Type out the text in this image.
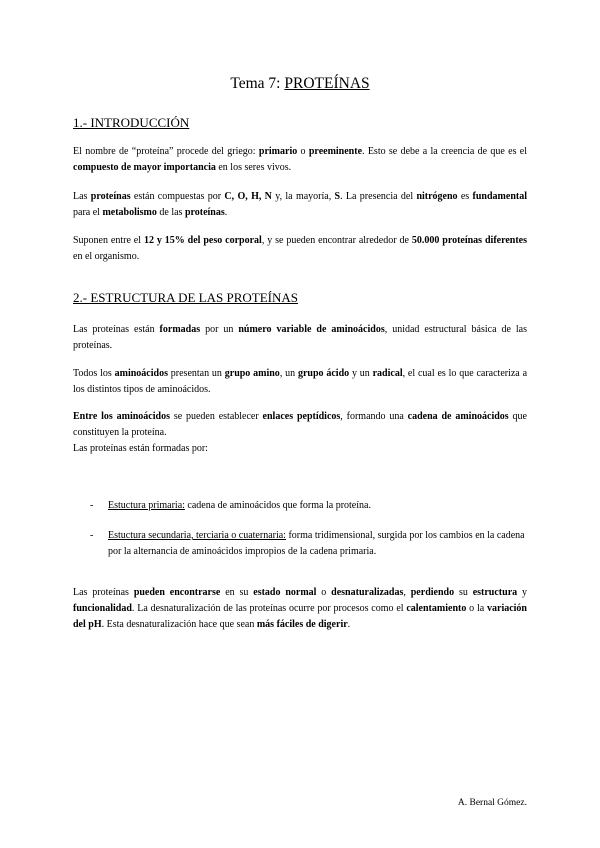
Tema 7: PROTEÍNAS
1.- INTRODUCCIÓN
El nombre de “proteína” procede del griego: primario o preeminente. Esto se debe a la creencia de que es el compuesto de mayor importancia en los seres vivos.
Las proteínas están compuestas por C, O, H, N y, la mayoría, S. La presencia del nitrógeno es fundamental para el metabolismo de las proteínas.
Suponen entre el 12 y 15% del peso corporal, y se pueden encontrar alrededor de 50.000 proteínas diferentes en el organismo.
2.- ESTRUCTURA DE LAS PROTEÍNAS
Las proteínas están formadas por un número variable de aminoácidos, unidad estructural básica de las proteínas.
Todos los aminoácidos presentan un grupo amino, un grupo ácido y un radical, el cual es lo que caracteriza a los distintos tipos de aminoácidos.
Entre los aminoácidos se pueden establecer enlaces peptídicos, formando una cadena de aminoácidos que constituyen la proteína.
Las proteínas están formadas por:
- Estuctura primaria: cadena de aminoácidos que forma la proteína.
- Estuctura secundaria, terciaria o cuaternaria: forma tridimensional, surgida por los cambios en la cadena por la alternancia de aminoácidos impropios de la cadena primaria.
Las proteínas pueden encontrarse en su estado normal o desnaturalizadas, perdiendo su estructura y funcionalidad. La desnaturalización de las proteínas ocurre por procesos como el calentamiento o la variación del pH. Esta desnaturalización hace que sean más fáciles de digerir.
A. Bernal Gómez.
